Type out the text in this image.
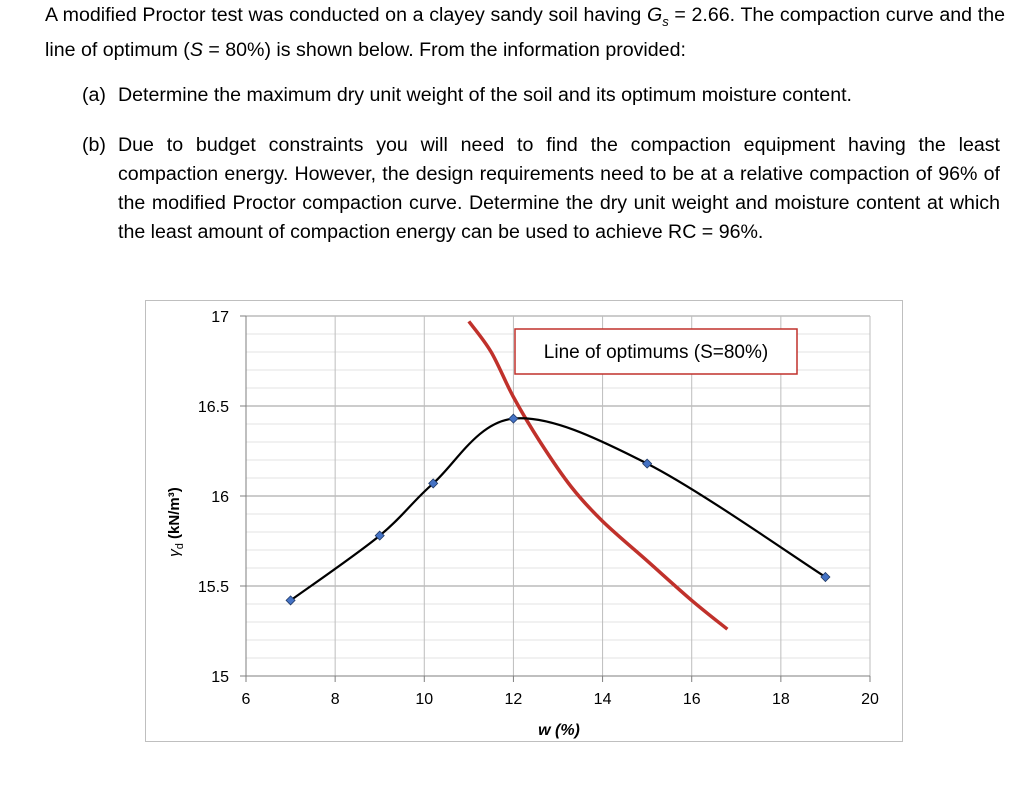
A modified Proctor test was conducted on a clayey sandy soil having $G_s = 2.66$. The compaction curve and the line of optimum (S = 80%) is shown below. From the information provided:

(a) Determine the maximum dry unit weight of the soil and its optimum moisture content.
(b) Due to budget constraints you will need to find the compaction equipment having the least compaction energy. However, the design requirements need to be at a relative compaction of 96% of the modified Proctor compaction curve. Determine the dry unit weight and moisture content at which the least amount of compaction energy can be used to achieve RC = 96%.
6	8	10	12	14	16	18	20
15
15.5
16
16.5
17
w (%)
$\gamma_d$ (kN/m³)
Line of optimums (S=80%)
